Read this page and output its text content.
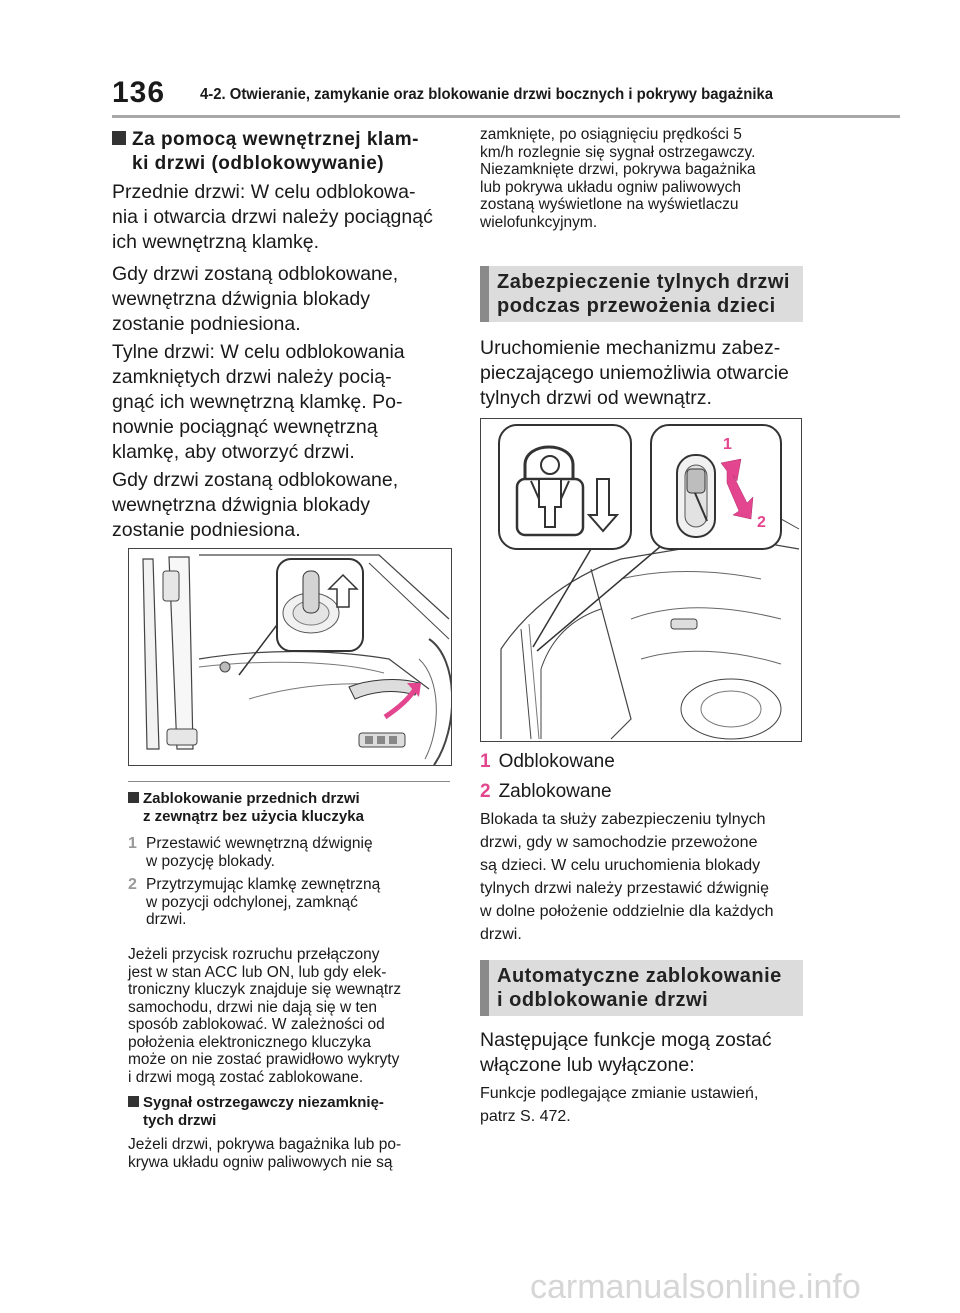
136 4-2. Otwieranie, zamykanie oraz blokowanie drzwi bocznych i pokrywy bagażnika
Za pomocą wewnętrznej klam-
ki drzwi (odblokowywanie)
Przednie drzwi: W celu odblokowa-
nia i otwarcia drzwi należy pociągnąć
ich wewnętrzną klamkę.
Gdy drzwi zostaną odblokowane,
wewnętrzna dźwignia blokady
zostanie podniesiona.
Tylne drzwi: W celu odblokowania
zamkniętych drzwi należy pocią-
gnąć ich wewnętrzną klamkę. Po-
nownie pociągnąć wewnętrzną
klamkę, aby otworzyć drzwi.
Gdy drzwi zostaną odblokowane,
wewnętrzna dźwignia blokady
zostanie podniesiona.
Zablokowanie przednich drzwi
z zewnątrz bez użycia kluczyka
1 Przestawić wewnętrzną dźwignię
w pozycję blokady.
2 Przytrzymując klamkę zewnętrzną
w pozycji odchylonej, zamknąć
drzwi.
Jeżeli przycisk rozruchu przełączony
jest w stan ACC lub ON, lub gdy elek-
troniczny kluczyk znajduje się wewnątrz
samochodu, drzwi nie dają się w ten
sposób zablokować. W zależności od
położenia elektronicznego kluczyka
może on nie zostać prawidłowo wykryty
i drzwi mogą zostać zablokowane.
Sygnał ostrzegawczy niezamknię-
tych drzwi
Jeżeli drzwi, pokrywa bagażnika lub po-
krywa układu ogniw paliwowych nie są
zamknięte, po osiągnięciu prędkości 5
km/h rozlegnie się sygnał ostrzegawczy.
Niezamknięte drzwi, pokrywa bagażnika
lub pokrywa układu ogniw paliwowych
zostaną wyświetlone na wyświetlaczu
wielofunkcyjnym.
Zabezpieczenie tylnych drzwi
podczas przewożenia dzieci
Uruchomienie mechanizmu zabez-
pieczającego uniemożliwia otwarcie
tylnych drzwi od wewnątrz.
1
2
1 Odblokowane
2 Zablokowane
Blokada ta służy zabezpieczeniu tylnych
drzwi, gdy w samochodzie przewożone
są dzieci. W celu uruchomienia blokady
tylnych drzwi należy przestawić dźwignię
w dolne położenie oddzielnie dla każdych
drzwi.
Automatyczne zablokowanie
i odblokowanie drzwi
Następujące funkcje mogą zostać
włączone lub wyłączone:
Funkcje podlegające zmianie ustawień,
patrz S. 472.
carmanualsonline.info
